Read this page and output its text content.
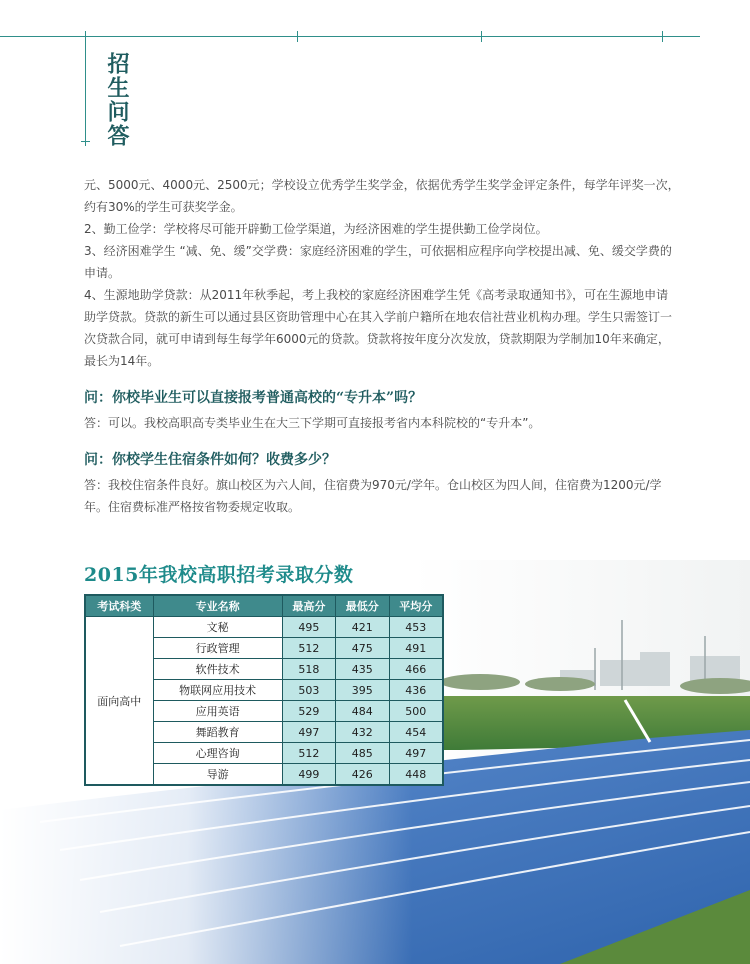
招生问答

元、5000元、4000元、2500元；学校设立优秀学生奖学金，依据优秀学生奖学金评定条件，每学年评奖一次，约有30%的学生可获奖学金。

2、勤工俭学：学校将尽可能开辟勤工俭学渠道，为经济困难的学生提供勤工俭学岗位。

3、经济困难学生 “减、免、缓”交学费：家庭经济困难的学生，可依据相应程序向学校提出减、免、缓交学费的申请。

4、生源地助学贷款：从2011年秋季起，考上我校的家庭经济困难学生凭《高考录取通知书》，可在生源地申请助学贷款。贷款的新生可以通过县区资助管理中心在其入学前户籍所在地农信社营业机构办理。学生只需签订一次贷款合同，就可申请到每生每学年6000元的贷款。贷款将按年度分次发放，贷款期限为学制加10年来确定，最长为14年。

问：你校毕业生可以直接报考普通高校的“专升本”吗？

答：可以。我校高职高专类毕业生在大三下学期可直接报考省内本科院校的“专升本”。

问：你校学生住宿条件如何？收费多少？

答：我校住宿条件良好。旗山校区为六人间，住宿费为970元/学年。仓山校区为四人间，住宿费为1200元/学年。住宿费标准严格按省物委规定收取。

2015年我校高职招考录取分数
考试科类	专业名称	最高分	最低分	平均分
面向高中	文秘	495	421	453
	行政管理	512	475	491
	软件技术	518	435	466
	物联网应用技术	503	395	436
	应用英语	529	484	500
	舞蹈教育	497	432	454
	心理咨询	512	485	497
	导游	499	426	448
